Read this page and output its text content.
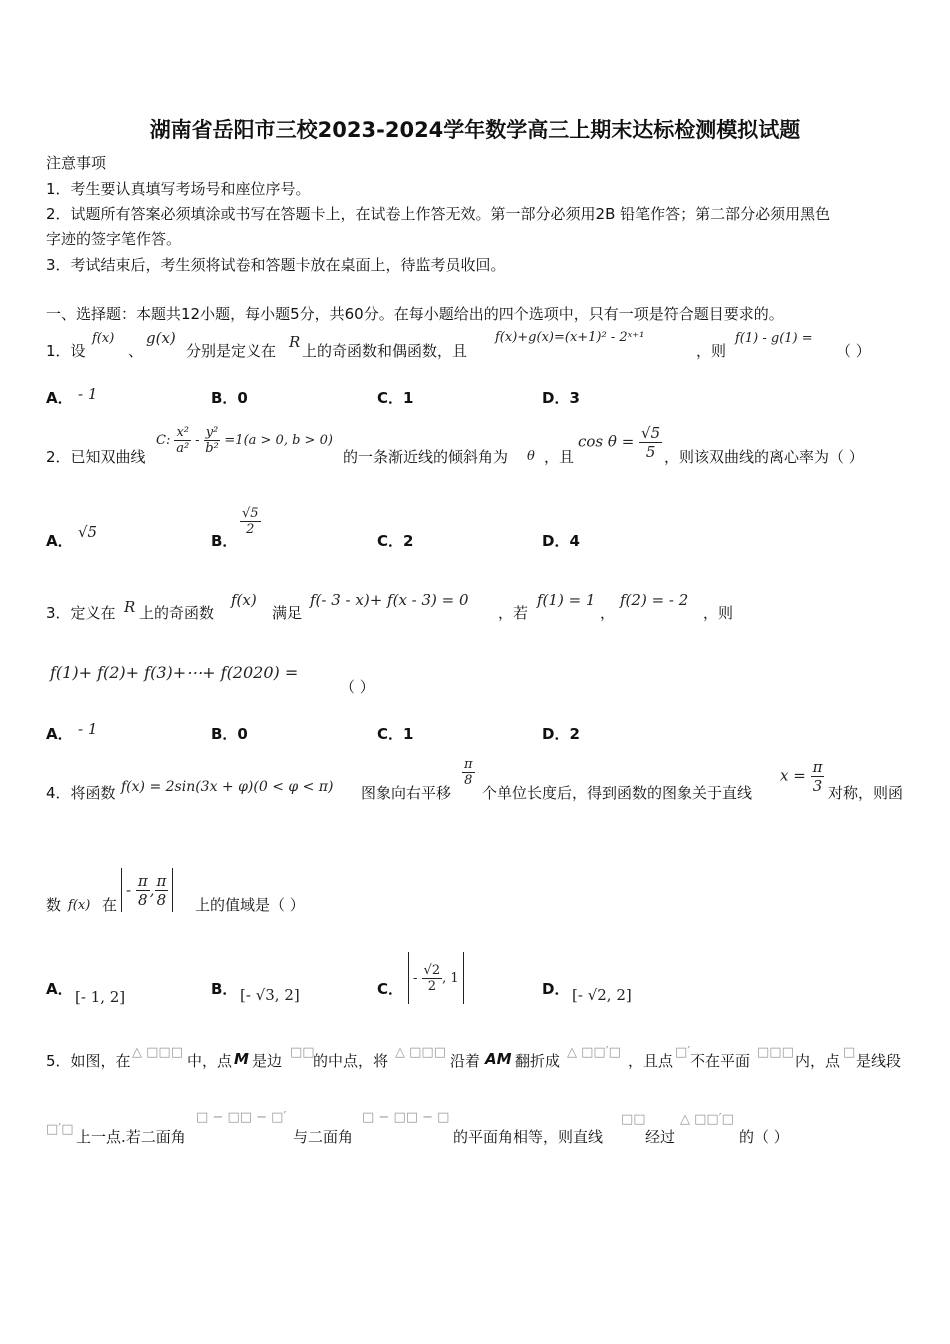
湖南省岳阳市三校2023-2024学年数学高三上期末达标检测模拟试题
注意事项
1．考生要认真填写考场号和座位序号。
2．试题所有答案必须填涂或书写在答题卡上，在试卷上作答无效。第一部分必须用2B 铅笔作答；第二部分必须用黑色
字迹的签字笔作答。
3．考试结束后，考生须将试卷和答题卡放在桌面上，待监考员收回。
一、选择题：本题共12小题，每小题5分，共60分。在每小题给出的四个选项中，只有一项是符合题目要求的。
1．设
f(x)
、
g(x)
分别是定义在 R 上的奇函数和偶函数，且
f(x)+g(x)=(x+1)² - 2ˣ⁺¹
，则
f(1) - g(1) =
（ ）
A． - 1	B．0	C．1	D．3
2．已知双曲线
C: $\frac{\text{x²}}{\text{a²}} - \frac{\text{y²}}{\text{b²}} =1(a > 0$, b > 0)
的一条渐近线的倾斜角为 θ ，且
$\cos \theta = \frac{√5}{5}$ ，则该双曲线的离心率为（ ）
A． √5	B．
$\frac{√5}{2}$
C．2	D．4
3．定义在 R 上的奇函数
f(x)
满足
f(- 3 - x)+ f(x - 3) = 0
，若
f(1) = 1
，
f(2) = - 2
，则
f(1)+ f(2)+ f(3)+⋯+ f(2020) =
（ ）
A． - 1	B．0	C．1	D．2
4．将函数 f(x) = 2sin(3x + φ)(0 < φ < π) 图象向右平移
$\frac{\pi}{8}$
个单位长度后，得到函数的图象关于直线
$x = \frac{\pi}{3}$ 对称，则函
数 f(x) 在
-
$\frac{\pi}{8}$ , $\frac{\pi}{8}$ 上的值域是（ ）
A． [- 1, 2]	B． [- √3, 2]	C．
-
$\frac{√2}{2}$ , 1
D． [- √2, 2]
5．如图，在 △ □□□ 中，点 M 是边 □□
的中点，将 △ □□□ 沿着 AM 翻折成 △ □□′□ ，且点 □′ 不在平面 □□□ 内，点 □ 是线段
□′□ 上一点.若二面角
□ − □□ − □′
与二面角
□ − □□ − □
的平面角相等，则直线
□□
经过
△ □□′□
的（ ）
